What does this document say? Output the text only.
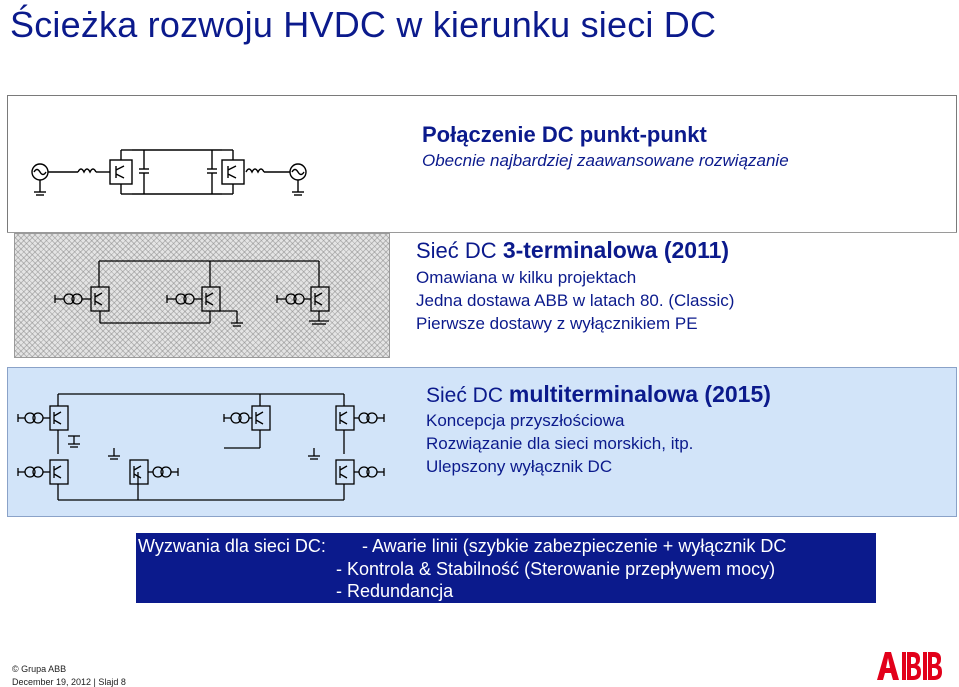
Ścieżka rozwoju HVDC w kierunku sieci DC
Połączenie DC punkt-punkt
Obecnie najbardziej zaawansowane rozwiązanie
Sieć DC 3-terminalowa (2011)
Omawiana w kilku projektach
Jedna dostawa ABB w latach 80. (Classic)
Pierwsze dostawy z wyłącznikiem PE
Sieć DC multiterminalowa (2015)
Koncepcja przyszłościowa
Rozwiązanie dla sieci morskich, itp.
Ulepszony wyłącznik DC
Wyzwania dla sieci DC: - Awarie linii (szybkie zabezpieczenie + wyłącznik DC
- Kontrola & Stabilność (Sterowanie przepływem mocy)
- Redundancja
© Grupa ABB
December 19, 2012 | Slajd 8
